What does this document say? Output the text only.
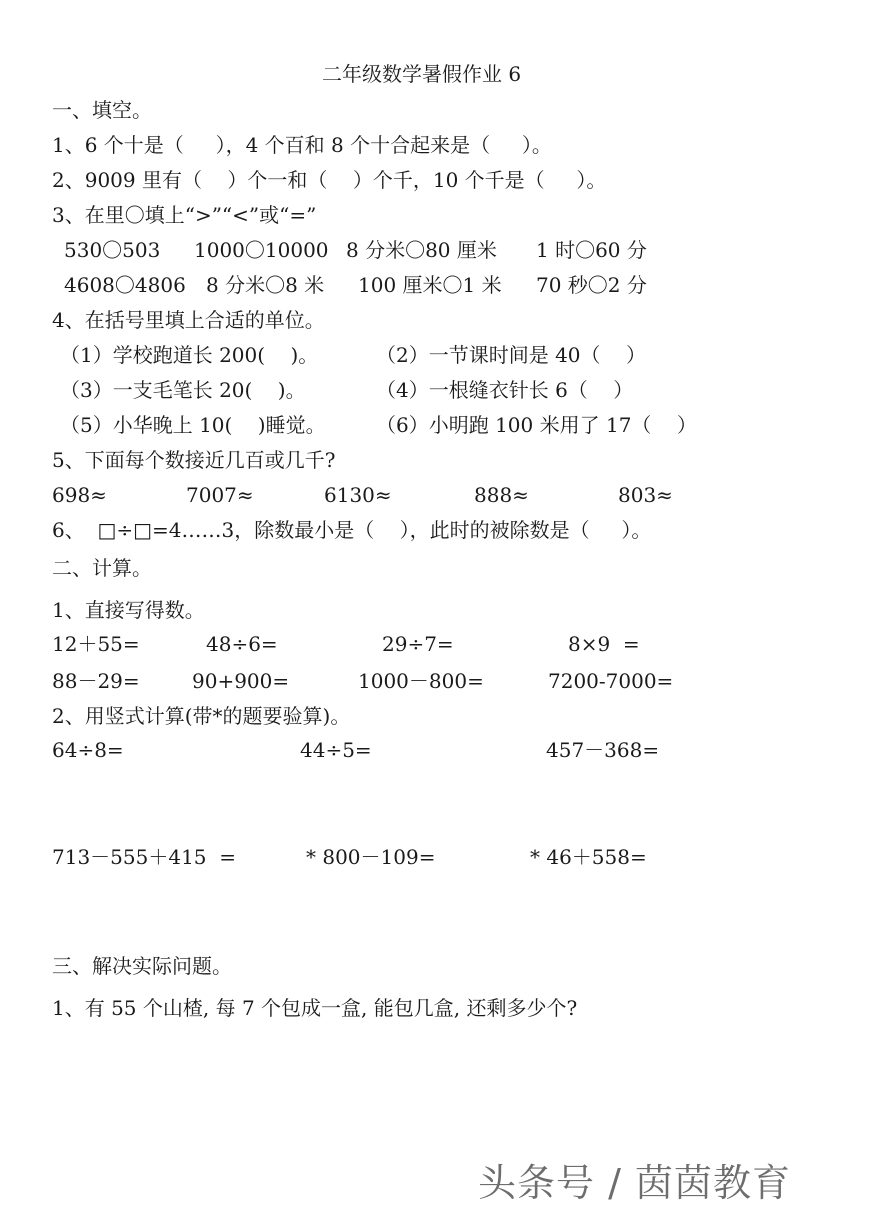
二年级数学暑假作业 6
一、填空。
1、6 个十是（     ），4 个百和 8 个十合起来是（     ）。
2、9009 里有（    ）个一和（    ）个千，10 个千是（     ）。
3、在里〇填上“>”“<”或“=”
530〇503 1000〇10000 8 分米〇80 厘米 1 时〇60 分
4608〇4806 8 分米〇8 米 100 厘米〇1 米 70 秒〇2 分
4、在括号里填上合适的单位。
（1）学校跑道长 200(    )。	（2）一节课时间是 40（    ）
（3）一支毛笔长 20(    )。	（4）一根缝衣针长 6（    ）
（5）小华晚上 10(    )睡觉。	（6）小明跑 100 米用了 17（    ）
5、下面每个数接近几百或几千?
698≈	7007≈	6130≈	888≈	803≈
6、  □÷□=4……3，除数最小是（    ），此时的被除数是（     ）。
二、计算。
1、直接写得数。
12＋55=	48÷6=	29÷7=	8×9  =
88－29=	90+900=	1000－800=	7200-7000=
2、用竖式计算(带*的题要验算)。
64÷8=	44÷5=	457－368=
713－555＋415  =	* 800－109=	* 46＋558=
三、解决实际问题。
1、有 55 个山楂, 每 7 个包成一盒, 能包几盒, 还剩多少个?
头条号 / 茵茵教育
